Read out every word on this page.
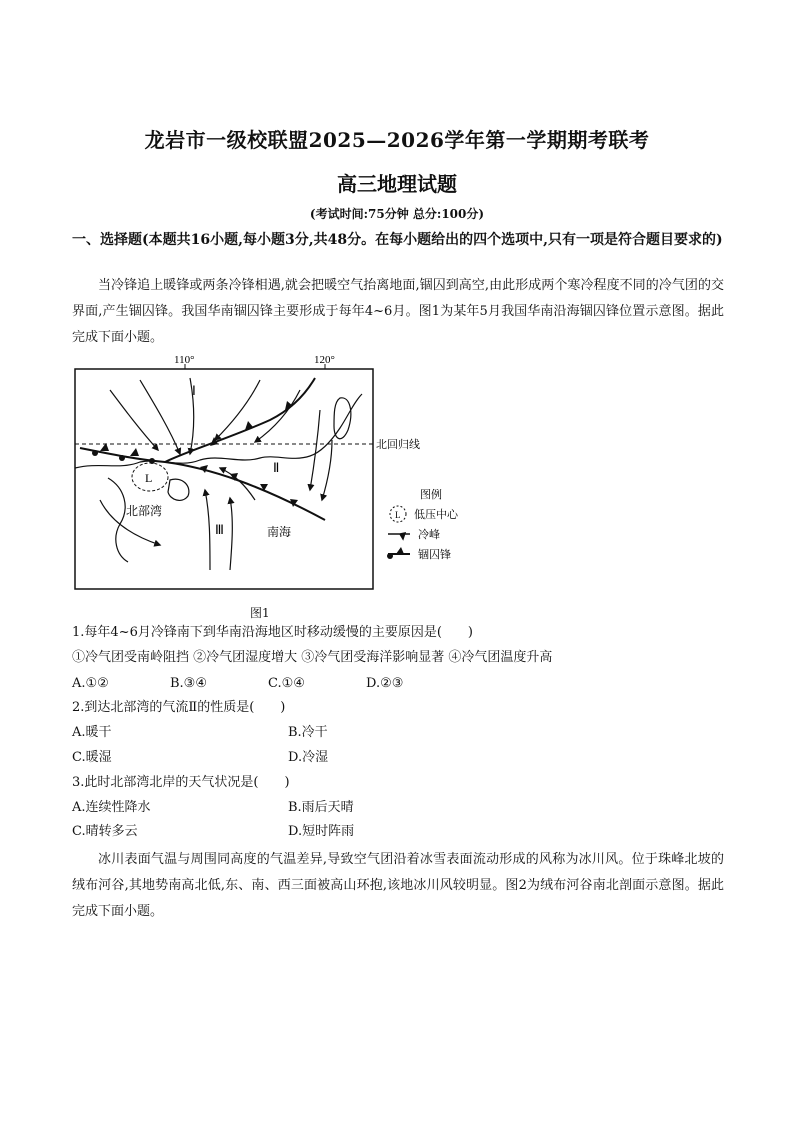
龙岩市一级校联盟2025—2026学年第一学期期考联考
高三地理试题
(考试时间:75分钟 总分:100分)
一、选择题(本题共16小题,每小题3分,共48分。在每小题给出的四个选项中,只有一项是符合题目要求的)
当冷锋追上暖锋或两条冷锋相遇,就会把暖空气抬离地面,锢囚到高空,由此形成两个寒冷程度不同的冷气团的交界面,产生锢囚锋。我国华南锢囚锋主要形成于每年4~6月。图1为某年5月我国华南沿海锢囚锋位置示意图。据此完成下面小题。
110°	120°
北回归线
L
Ⅰ
Ⅱ
Ⅲ
北部湾
南海
图例
L 低压中心
冷峰
锢囚锋
图1
1.每年4~6月冷锋南下到华南沿海地区时移动缓慢的主要原因是(　　)
①冷气团受南岭阻挡 ②冷气团湿度增大 ③冷气团受海洋影响显著 ④冷气团温度升高
A.①②	B.③④	C.①④	D.②③
2.到达北部湾的气流Ⅱ的性质是(　　)
A.暖干	B.冷干
C.暖湿	D.冷湿
3.此时北部湾北岸的天气状况是(　　)
A.连续性降水	B.雨后天晴
C.晴转多云	D.短时阵雨
冰川表面气温与周围同高度的气温差异,导致空气团沿着冰雪表面流动形成的风称为冰川风。位于珠峰北坡的绒布河谷,其地势南高北低,东、南、西三面被高山环抱,该地冰川风较明显。图2为绒布河谷南北剖面示意图。据此完成下面小题。
